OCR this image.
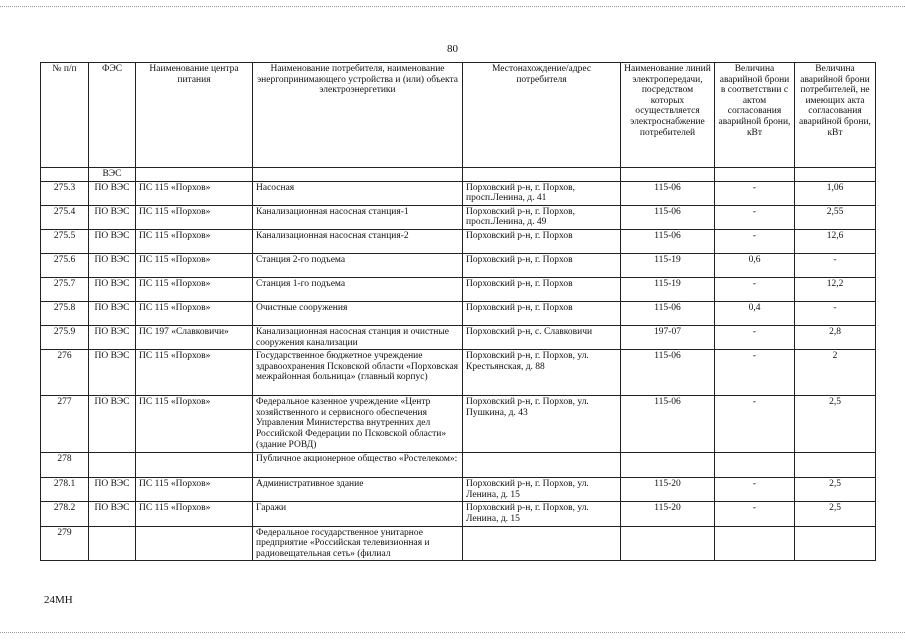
80
№ п/п	ФЭС	Наименование центра питания	Наименование потребителя, наименование энергопринимающего устройства и (или) объекта электроэнергетики	Местонахождение/адрес потребителя	Наименование линий электропередачи, посредством которых осуществляется электроснабжение потребителей	Величина аварийной брони в соответствии с актом согласования аварийной брони, кВт	Величина аварийной брони потребителей, не имеющих акта согласования аварийной брони, кВт
	ВЭС						
275.3	ПО ВЭС	ПС 115 «Порхов»	Насосная	Порховский р-н, г. Порхов, просп.Ленина, д. 41	115-06	-	1,06
275.4	ПО ВЭС	ПС 115 «Порхов»	Канализационная насосная станция-1	Порховский р-н, г. Порхов, просп.Ленина, д. 49	115-06	-	2,55
275.5	ПО ВЭС	ПС 115 «Порхов»	Канализационная насосная станция-2	Порховский р-н, г. Порхов	115-06	-	12,6
275.6	ПО ВЭС	ПС 115 «Порхов»	Станция 2-го подъема	Порховский р-н, г. Порхов	115-19	0,6	-
275.7	ПО ВЭС	ПС 115 «Порхов»	Станция 1-го подъема	Порховский р-н, г. Порхов	115-19	-	12,2
275.8	ПО ВЭС	ПС 115 «Порхов»	Очистные сооружения	Порховский р-н, г. Порхов	115-06	0,4	-
275.9	ПО ВЭС	ПС 197 «Славковичи»	Канализационная насосная станция и очистные сооружения канализации	Порховский р-н, с. Славковичи	197-07	-	2,8
276	ПО ВЭС	ПС 115 «Порхов»	Государственное бюджетное учреждение здравоохранения Псковской области «Порховская межрайонная больница» (главный корпус)	Порховский р-н, г. Порхов, ул. Крестьянская, д. 88	115-06	-	2
277	ПО ВЭС	ПС 115 «Порхов»	Федеральное казенное учреждение «Центр хозяйственного и сервисного обеспечения Управления Министерства внутренних дел Российской Федерации по Псковской области» (здание РОВД)	Порховский р-н, г. Порхов, ул. Пушкина, д. 43	115-06	-	2,5
278			Публичное акционерное общество «Ростелеком»:				
278.1	ПО ВЭС	ПС 115 «Порхов»	Административное здание	Порховский р-н, г. Порхов, ул. Ленина, д. 15	115-20	-	2,5
278.2	ПО ВЭС	ПС 115 «Порхов»	Гаражи	Порховский р-н, г. Порхов, ул. Ленина, д. 15	115-20	-	2,5
279			Федеральное государственное унитарное предприятие «Российская телевизионная и радиовещательная сеть» (филиал				
24МН
